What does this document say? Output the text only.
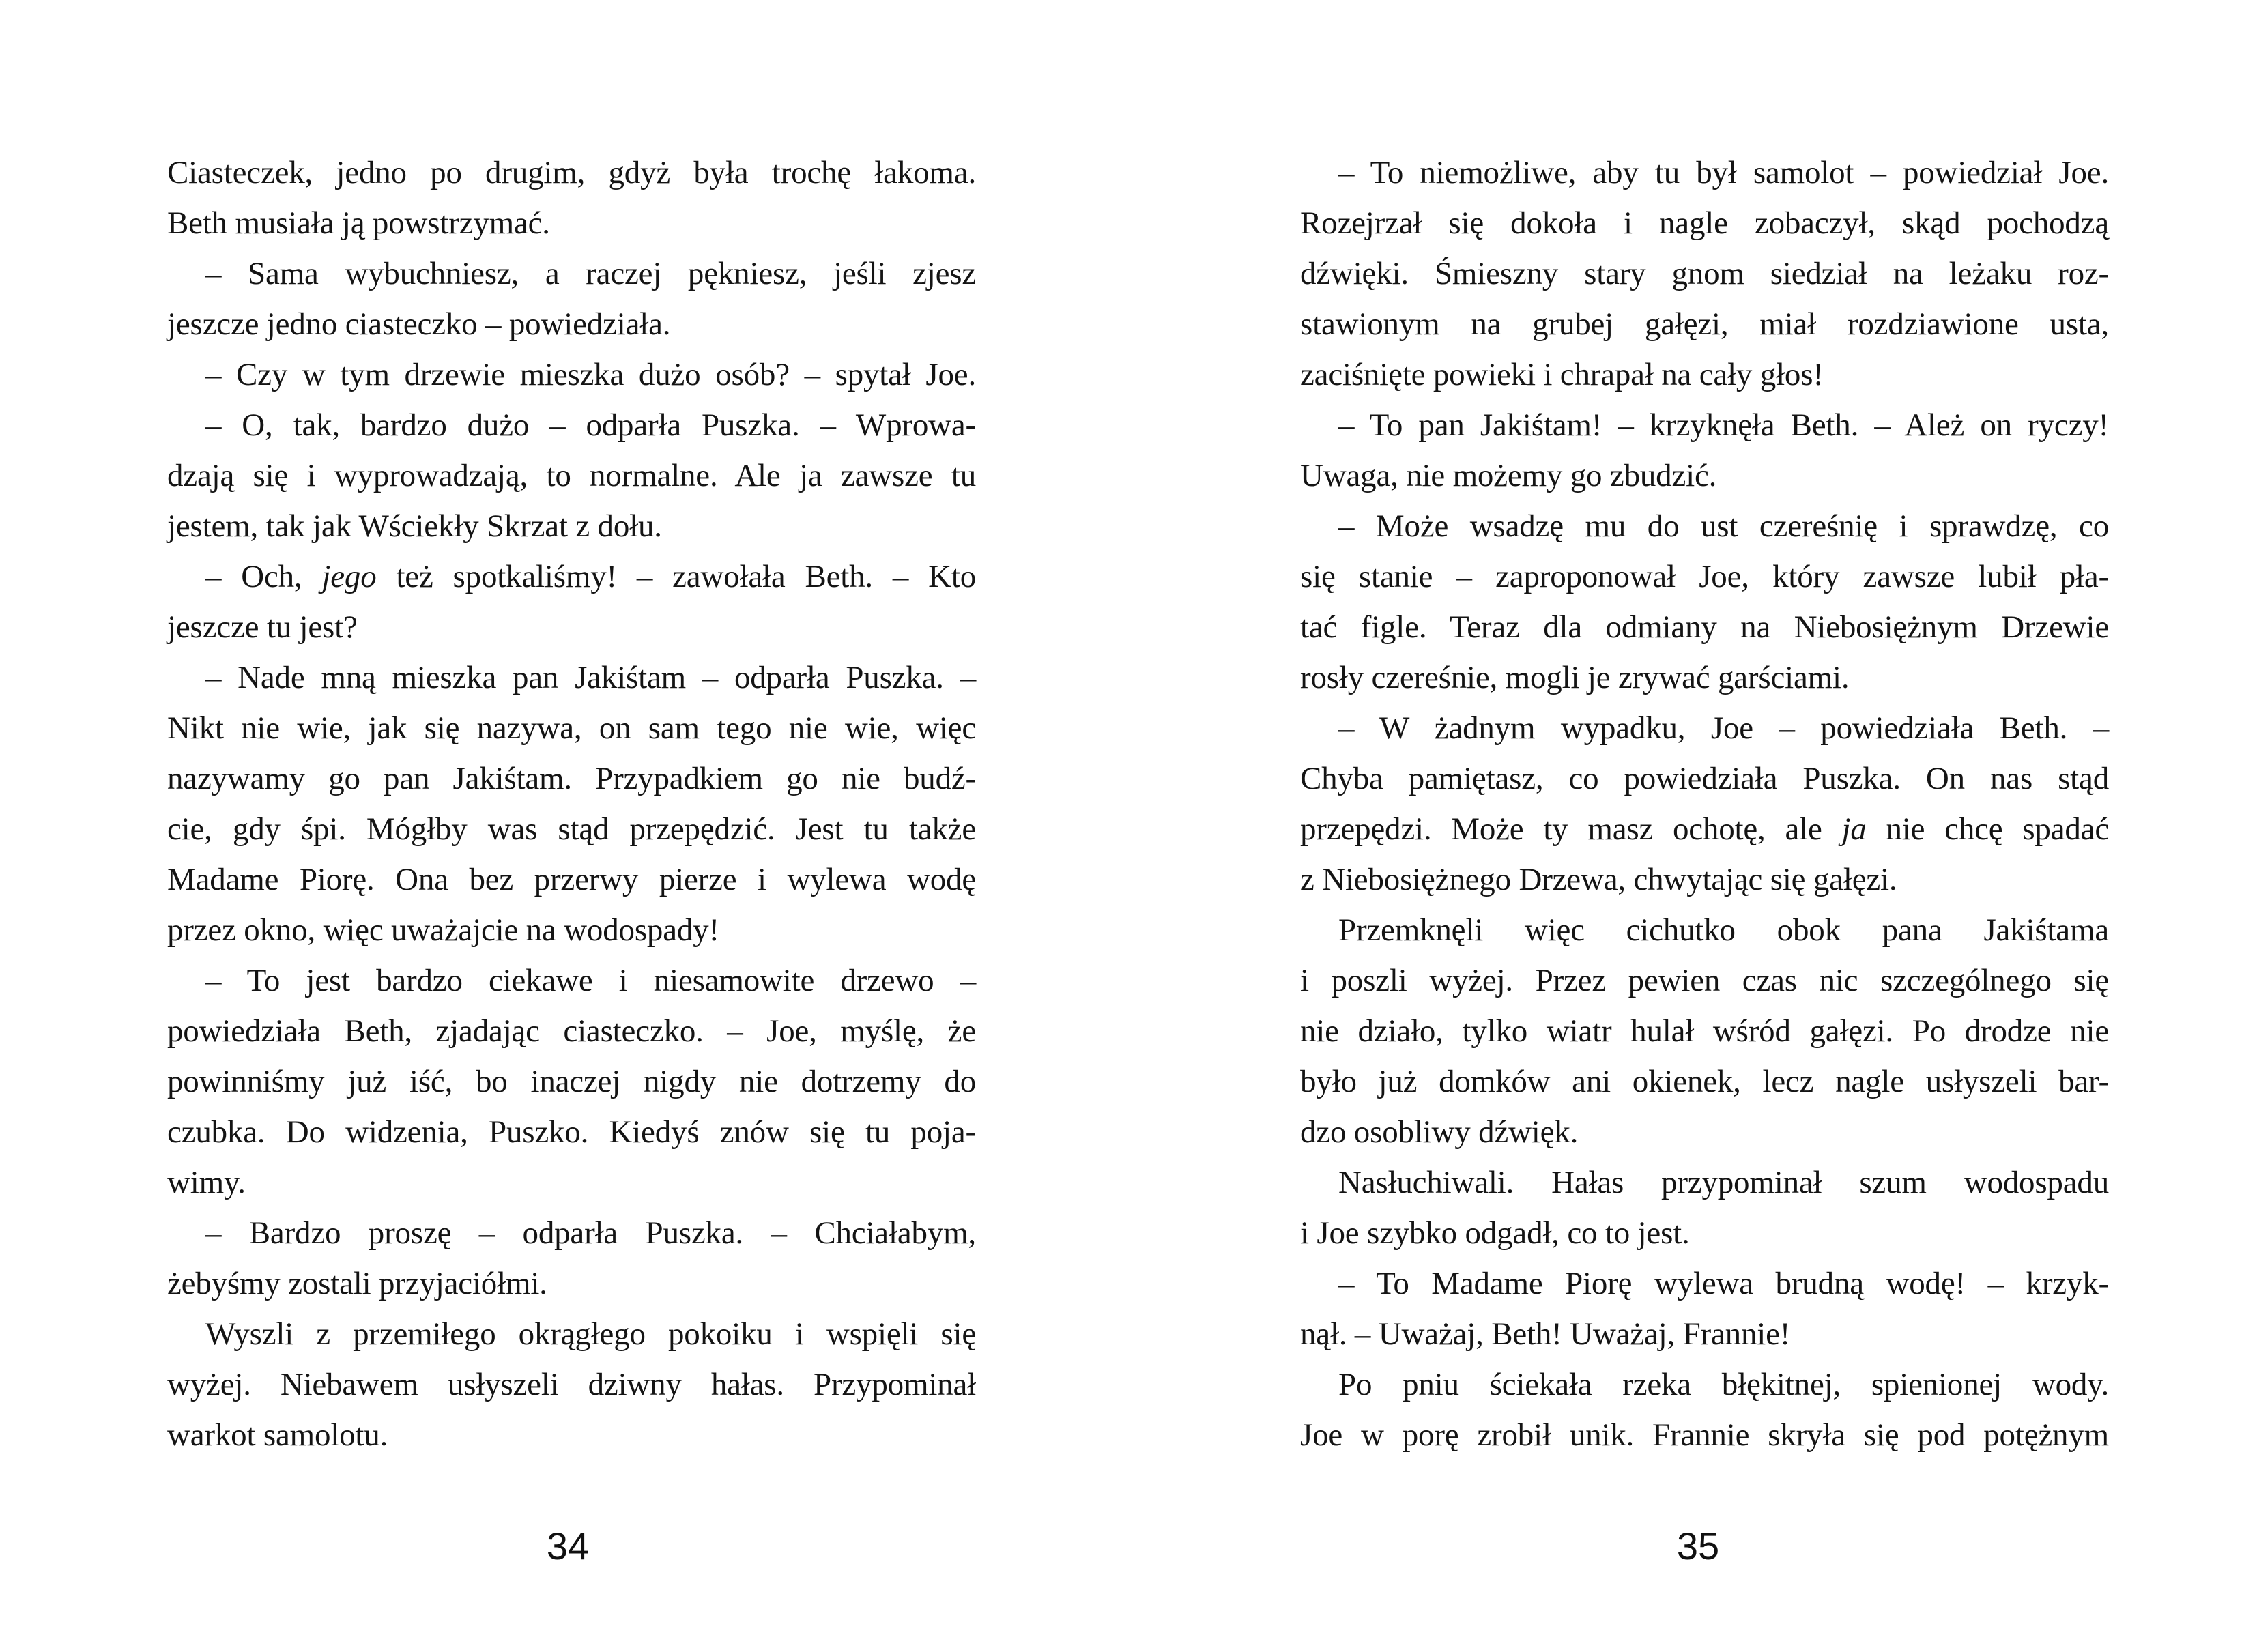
Ciasteczek, jedno po drugim, gdyż była trochę łakoma.
Beth musiała ją powstrzymać.
– Sama wybuchniesz, a raczej pękniesz, jeśli zjesz
jeszcze jedno ciasteczko – powiedziała.
– Czy w tym drzewie mieszka dużo osób? – spytał Joe.
– O, tak, bardzo dużo – odparła Puszka. – Wprowa-
dzają się i wyprowadzają, to normalne. Ale ja zawsze tu
jestem, tak jak Wściekły Skrzat z dołu.
– Och, jego też spotkaliśmy! – zawołała Beth. – Kto
jeszcze tu jest?
– Nade mną mieszka pan Jakiśtam – odparła Puszka. –
Nikt nie wie, jak się nazywa, on sam tego nie wie, więc
nazywamy go pan Jakiśtam. Przypadkiem go nie budź-
cie, gdy śpi. Mógłby was stąd przepędzić. Jest tu także
Madame Piorę. Ona bez przerwy pierze i wylewa wodę
przez okno, więc uważajcie na wodospady!
– To jest bardzo ciekawe i niesamowite drzewo –
powiedziała Beth, zjadając ciasteczko. – Joe, myślę, że
powinniśmy już iść, bo inaczej nigdy nie dotrzemy do
czubka. Do widzenia, Puszko. Kiedyś znów się tu poja-
wimy.
– Bardzo proszę – odparła Puszka. – Chciałabym,
żebyśmy zostali przyjaciółmi.
Wyszli z przemiłego okrągłego pokoiku i wspięli się
wyżej. Niebawem usłyszeli dziwny hałas. Przypominał
warkot samolotu.
34
– To niemożliwe, aby tu był samolot – powiedział Joe.
Rozejrzał się dokoła i nagle zobaczył, skąd pochodzą
dźwięki. Śmieszny stary gnom siedział na leżaku roz-
stawionym na grubej gałęzi, miał rozdziawione usta,
zaciśnięte powieki i chrapał na cały głos!
– To pan Jakiśtam! – krzyknęła Beth. – Ależ on ryczy!
Uwaga, nie możemy go zbudzić.
– Może wsadzę mu do ust czereśnię i sprawdzę, co
się stanie – zaproponował Joe, który zawsze lubił pła-
tać figle. Teraz dla odmiany na Niebosiężnym Drzewie
rosły czereśnie, mogli je zrywać garściami.
– W żadnym wypadku, Joe – powiedziała Beth. –
Chyba pamiętasz, co powiedziała Puszka. On nas stąd
przepędzi. Może ty masz ochotę, ale ja nie chcę spadać
z Niebosiężnego Drzewa, chwytając się gałęzi.
Przemknęli więc cichutko obok pana Jakiśtama
i poszli wyżej. Przez pewien czas nic szczególnego się
nie działo, tylko wiatr hulał wśród gałęzi. Po drodze nie
było już domków ani okienek, lecz nagle usłyszeli bar-
dzo osobliwy dźwięk.
Nasłuchiwali. Hałas przypominał szum wodospadu
i Joe szybko odgadł, co to jest.
– To Madame Piorę wylewa brudną wodę! – krzyk-
nął. – Uważaj, Beth! Uważaj, Frannie!
Po pniu ściekała rzeka błękitnej, spienionej wody.
Joe w porę zrobił unik. Frannie skryła się pod potężnym
35
